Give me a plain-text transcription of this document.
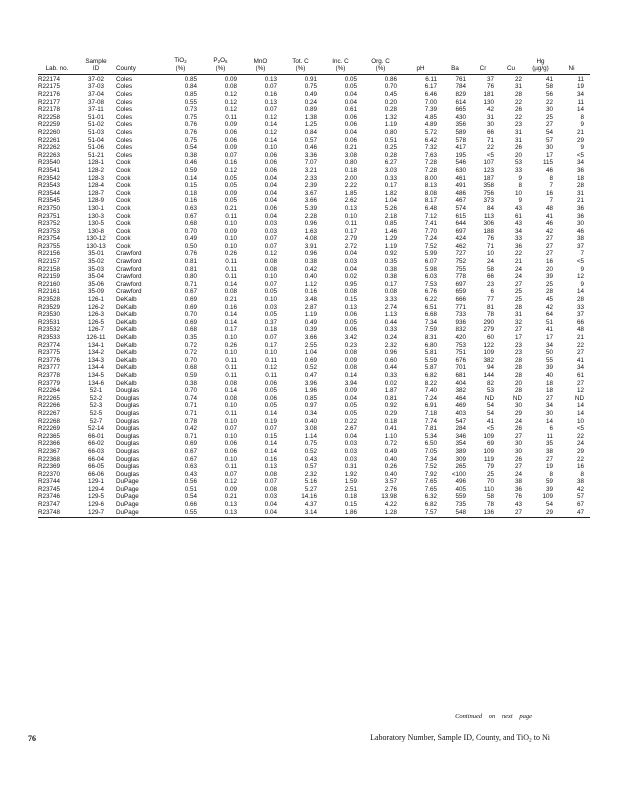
	Sample		TiO$_2$	$P_2O_5$	MnO	Tot. C	Inc. C	Org. C					Hg	
Lab. no.	ID	County	(%)	(%)	(%)	(%)	(%)	(%)	pH	Ba	Cr	Cu	(µg/g)	Ni
R22174	37-02	Coles	0.85	0.09	0.13	0.91	0.05	0.86	6.11	761	37	22	41	11
R22175	37-03	Coles	0.84	0.08	0.07	0.75	0.05	0.70	6.17	784	76	31	58	19
R22176	37-04	Coles	0.85	0.12	0.16	0.49	0.04	0.45	6.46	829	181	28	56	34
R22177	37-08	Coles	0.55	0.12	0.13	0.24	0.04	0.20	7.00	614	130	22	22	11
R22178	37-11	Coles	0.73	0.12	0.07	0.89	0.61	0.28	7.39	665	42	26	30	14
R22258	51-01	Coles	0.75	0.11	0.12	1.38	0.06	1.32	4.85	430	31	22	25	8
R22259	51-02	Coles	0.76	0.09	0.14	1.25	0.06	1.19	4.89	356	30	23	27	9
R22260	51-03	Coles	0.76	0.06	0.12	0.84	0.04	0.80	5.72	589	66	31	54	21
R22261	51-04	Coles	0.75	0.06	0.14	0.57	0.06	0.51	6.42	578	71	31	57	29
R22262	51-06	Coles	0.54	0.09	0.10	0.46	0.21	0.25	7.32	417	22	26	30	9
R22263	51-21	Coles	0.38	0.07	0.06	3.36	3.08	0.28	7.63	195	<5	20	17	<5
R23540	128-1	Cook	0.46	0.16	0.06	7.07	0.80	6.27	7.28	546	107	53	115	34
R23541	128-2	Cook	0.59	0.12	0.06	3.21	0.18	3.03	7.28	630	123	33	46	36
R23542	128-3	Cook	0.14	0.05	0.04	2.33	2.00	0.33	8.00	461	187	9	8	18
R23543	128-4	Cook	0.15	0.05	0.04	2.39	2.22	0.17	8.13	491	358	8	7	28
R23544	128-7	Cook	0.18	0.09	0.04	3.67	1.85	1.82	8.08	486	756	10	16	31
R23545	128-9	Cook	0.16	0.05	0.04	3.66	2.62	1.04	8.17	467	373	9	7	21
R23750	130-1	Cook	0.63	0.21	0.06	5.39	0.13	5.26	6.48	574	84	43	48	36
R23751	130-3	Cook	0.67	0.11	0.04	2.28	0.10	2.18	7.12	615	113	61	41	36
R23752	130-5	Cook	0.68	0.10	0.03	0.96	0.11	0.85	7.41	644	306	43	46	30
R23753	130-8	Cook	0.70	0.09	0.03	1.63	0.17	1.46	7.70	697	188	34	42	46
R23754	130-12	Cook	0.49	0.10	0.07	4.08	2.79	1.29	7.24	424	76	33	27	38
R23755	130-13	Cook	0.50	0.10	0.07	3.91	2.72	1.19	7.52	462	71	36	27	37
R22156	35-01	Crawford	0.76	0.26	0.12	0.96	0.04	0.92	5.99	727	10	22	27	7
R22157	35-02	Crawford	0.81	0.11	0.08	0.38	0.03	0.35	6.07	752	24	21	16	<5
R22158	35-03	Crawford	0.81	0.11	0.08	0.42	0.04	0.38	5.98	755	58	24	20	9
R22159	35-04	Crawford	0.80	0.11	0.10	0.40	0.02	0.38	6.03	778	66	24	39	12
R22160	35-06	Crawford	0.71	0.14	0.07	1.12	0.95	0.17	7.53	697	23	27	25	9
R22161	35-09	Crawford	0.67	0.08	0.05	0.16	0.08	0.08	6.76	659	6	25	28	14
R23528	126-1	DeKalb	0.69	0.21	0.10	3.48	0.15	3.33	6.22	666	77	25	45	28
R23529	126-2	DeKalb	0.69	0.16	0.03	2.87	0.13	2.74	6.51	771	81	28	42	33
R23530	126-3	DeKalb	0.70	0.14	0.05	1.19	0.06	1.13	6.68	733	78	31	64	37
R23531	126-5	DeKalb	0.69	0.14	0.37	0.49	0.05	0.44	7.34	936	290	32	51	66
R23532	126-7	DeKalb	0.68	0.17	0.18	0.39	0.06	0.33	7.59	832	279	27	41	48
R23533	126-11	DeKalb	0.35	0.10	0.07	3.66	3.42	0.24	8.31	420	60	17	17	21
R23774	134-1	DeKalb	0.72	0.26	0.17	2.55	0.23	2.32	6.80	753	122	23	34	22
R23775	134-2	DeKalb	0.72	0.10	0.10	1.04	0.08	0.96	5.81	751	109	23	50	27
R23776	134-3	DeKalb	0.70	0.11	0.11	0.69	0.09	0.60	5.59	676	382	28	55	41
R23777	134-4	DeKalb	0.68	0.11	0.12	0.52	0.08	0.44	5.87	701	94	28	39	34
R23778	134-5	DeKalb	0.59	0.11	0.11	0.47	0.14	0.33	6.82	681	144	28	40	61
R23779	134-6	DeKalb	0.38	0.08	0.06	3.96	3.94	0.02	8.22	404	82	20	18	27
R22264	52-1	Douglas	0.70	0.14	0.05	1.96	0.09	1.87	7.40	382	53	28	18	12
R22265	52-2	Douglas	0.74	0.08	0.06	0.85	0.04	0.81	7.24	464	ND	ND	27	ND
R22266	52-3	Douglas	0.71	0.10	0.05	0.97	0.05	0.92	6.91	469	54	30	34	14
R22267	52-5	Douglas	0.71	0.11	0.14	0.34	0.05	0.29	7.18	403	54	29	30	14
R22268	52-7	Douglas	0.78	0.10	0.19	0.40	0.22	0.18	7.74	547	41	24	14	10
R22269	52-14	Douglas	0.42	0.07	0.07	3.08	2.67	0.41	7.81	284	<5	26	6	<5
R22365	66-01	Douglas	0.71	0.10	0.15	1.14	0.04	1.10	5.34	346	109	27	11	22
R22366	66-02	Douglas	0.69	0.06	0.14	0.75	0.03	0.72	6.50	354	69	30	35	24
R22367	66-03	Douglas	0.67	0.06	0.14	0.52	0.03	0.49	7.05	389	109	30	38	29
R22368	66-04	Douglas	0.67	0.10	0.16	0.43	0.03	0.40	7.34	309	119	26	27	22
R22369	66-05	Douglas	0.63	0.11	0.13	0.57	0.31	0.26	7.52	265	79	27	19	16
R22370	66-06	Douglas	0.43	0.07	0.08	2.32	1.92	0.40	7.92	<100	25	24	8	8
R23744	129-1	DuPage	0.56	0.12	0.07	5.16	1.59	3.57	7.65	496	70	38	59	38
R23745	129-4	DuPage	0.51	0.09	0.08	5.27	2.51	2.76	7.65	405	110	36	39	42
R23746	129-5	DuPage	0.54	0.21	0.03	14.16	0.18	13.98	6.32	559	58	76	109	57
R23747	129-6	DuPage	0.66	0.13	0.04	4.37	0.15	4.22	6.82	735	78	43	54	67
R23748	129-7	DuPage	0.55	0.13	0.04	3.14	1.86	1.28	7.57	548	136	27	29	47
Continued on next page
76	Laboratory Number, Sample ID, County, and TiO$_2$ to Ni
